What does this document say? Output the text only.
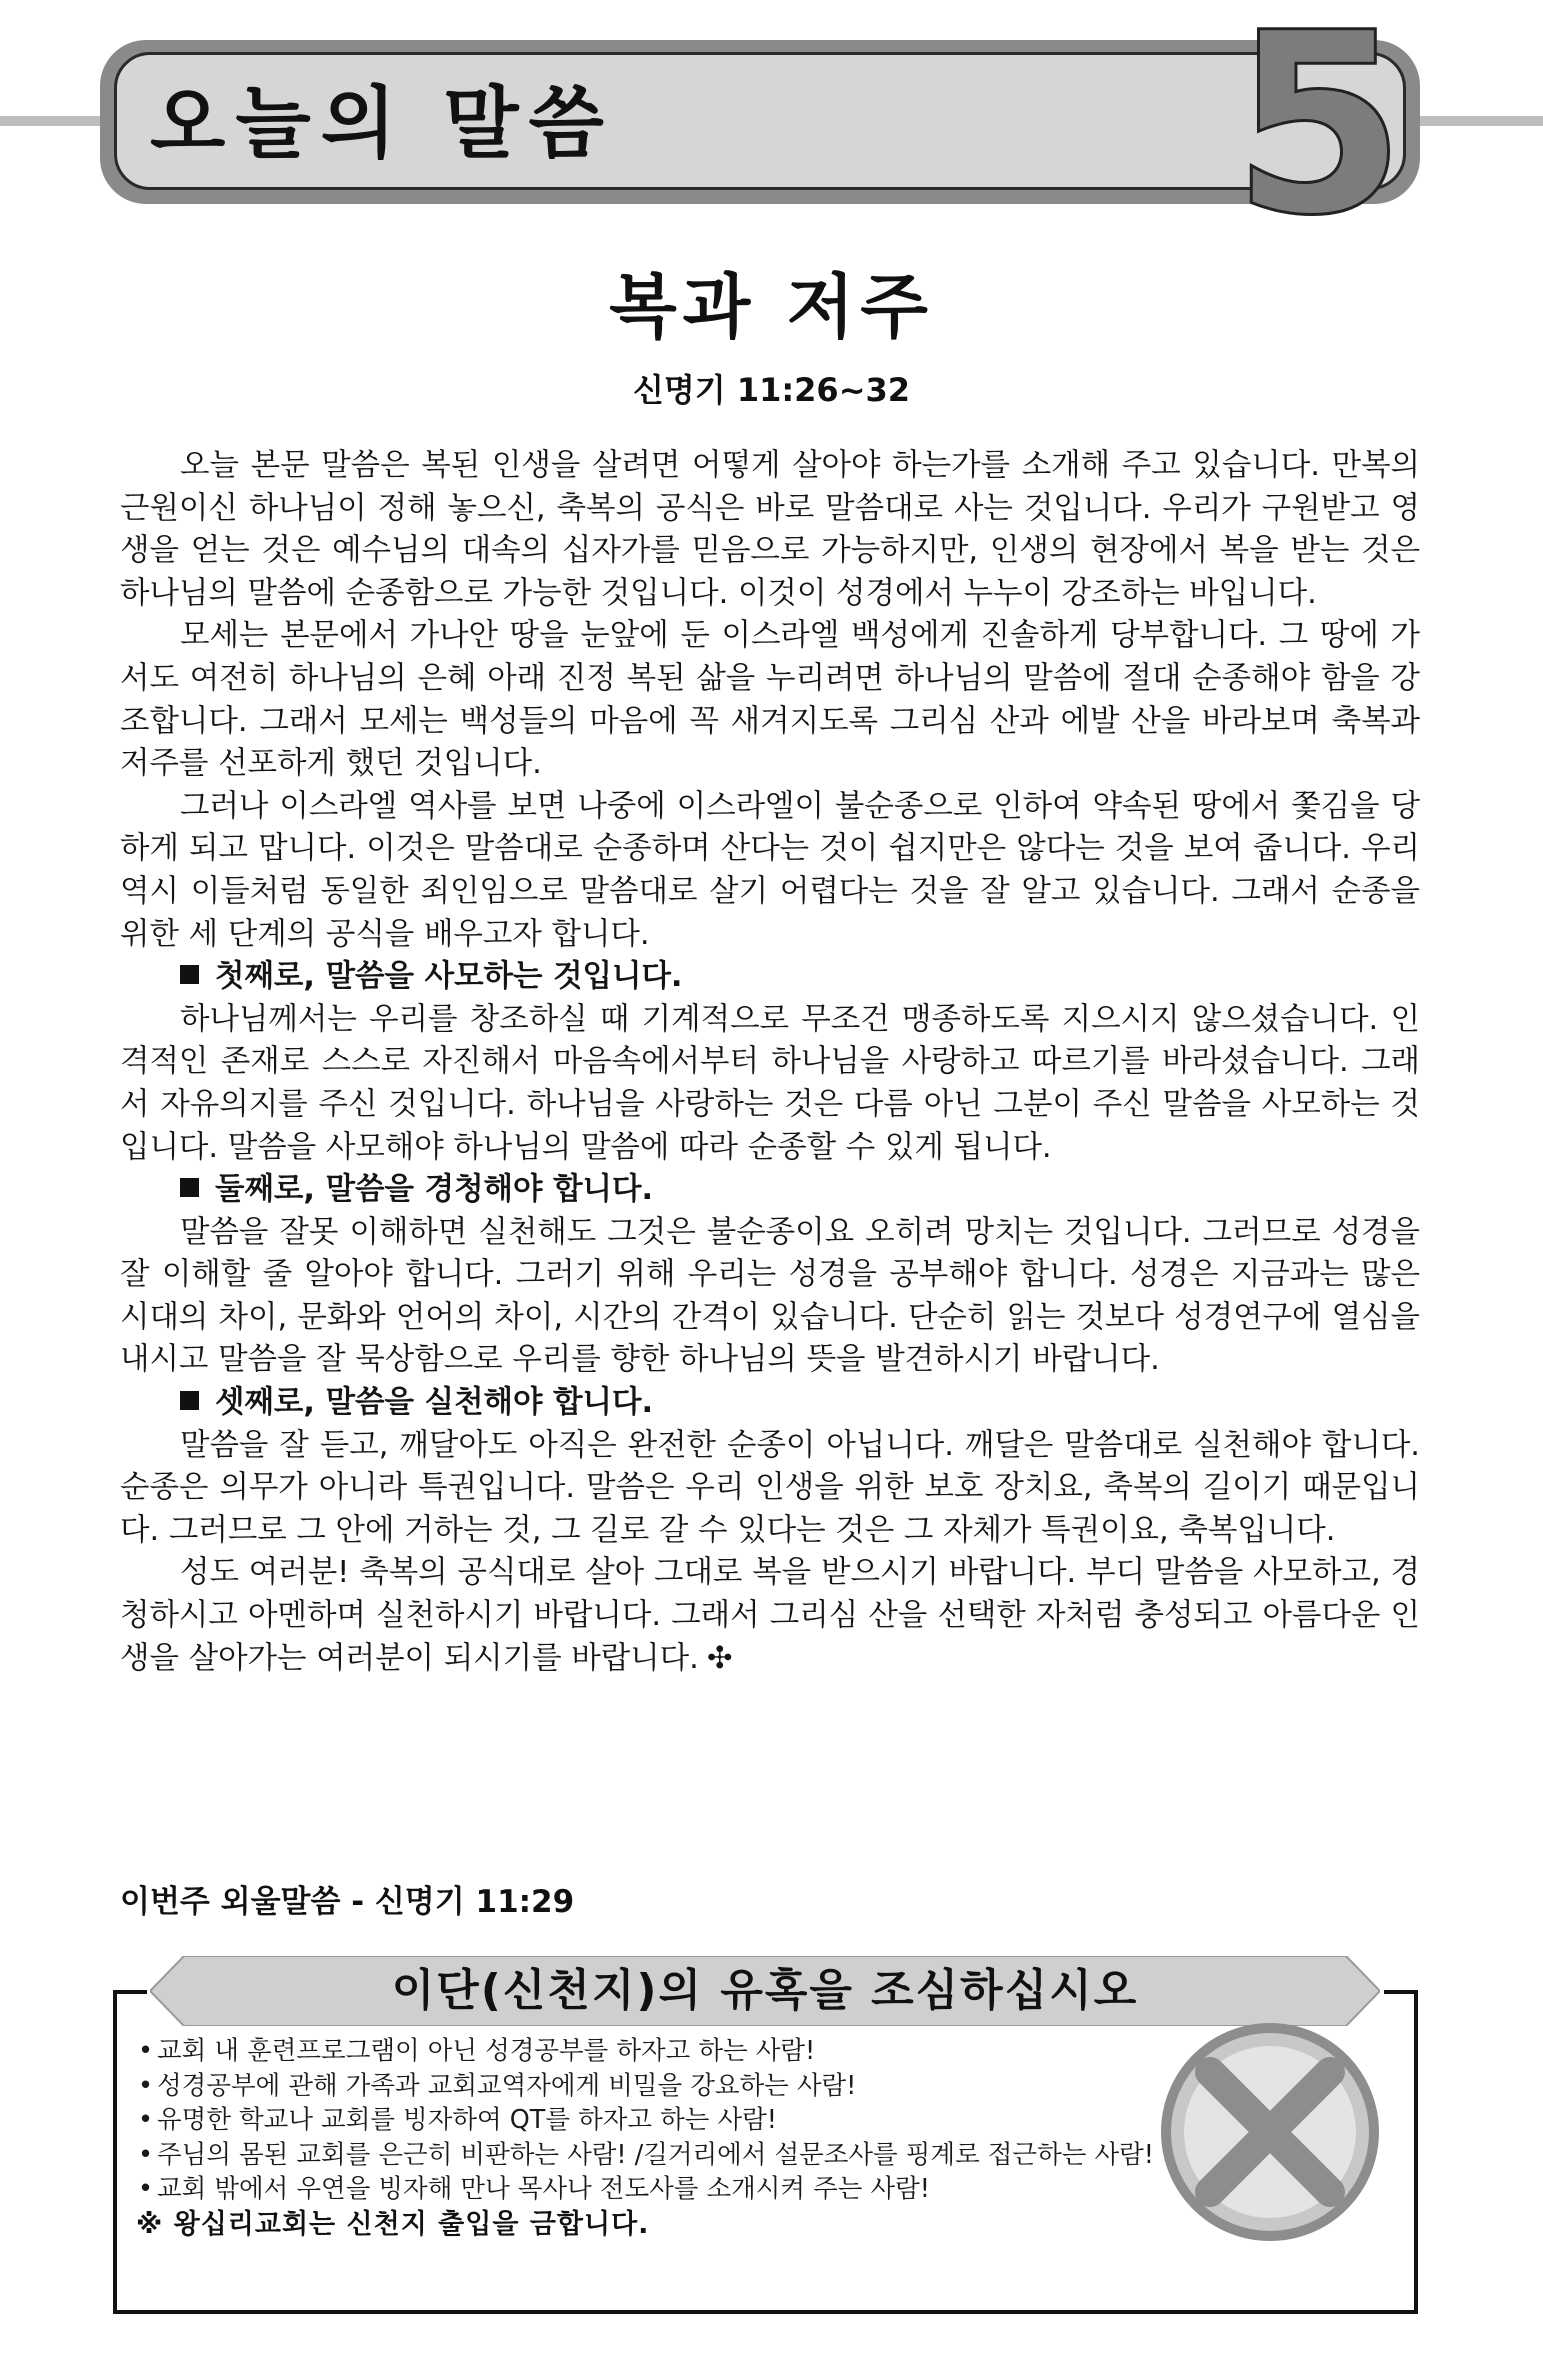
오늘의 말씀 5
복과 저주
신명기 11:26~32

오늘 본문 말씀은 복된 인생을 살려면 어떻게 살아야 하는가를 소개해 주고 있습니다. 만복의 근원이신 하나님이 정해 놓으신, 축복의 공식은 바로 말씀대로 사는 것입니다. 우리가 구원받고 영생을 얻는 것은 예수님의 대속의 십자가를 믿음으로 가능하지만, 인생의 현장에서 복을 받는 것은 하나님의 말씀에 순종함으로 가능한 것입니다. 이것이 성경에서 누누이 강조하는 바입니다.

모세는 본문에서 가나안 땅을 눈앞에 둔 이스라엘 백성에게 진솔하게 당부합니다. 그 땅에 가서도 여전히 하나님의 은혜 아래 진정 복된 삶을 누리려면 하나님의 말씀에 절대 순종해야 함을 강조합니다. 그래서 모세는 백성들의 마음에 꼭 새겨지도록 그리심 산과 에발 산을 바라보며 축복과 저주를 선포하게 했던 것입니다.

그러나 이스라엘 역사를 보면 나중에 이스라엘이 불순종으로 인하여 약속된 땅에서 쫓김을 당하게 되고 맙니다. 이것은 말씀대로 순종하며 산다는 것이 쉽지만은 않다는 것을 보여 줍니다. 우리 역시 이들처럼 동일한 죄인임으로 말씀대로 살기 어렵다는 것을 잘 알고 있습니다. 그래서 순종을 위한 세 단계의 공식을 배우고자 합니다.

첫째로, 말씀을 사모하는 것입니다.

하나님께서는 우리를 창조하실 때 기계적으로 무조건 맹종하도록 지으시지 않으셨습니다. 인격적인 존재로 스스로 자진해서 마음속에서부터 하나님을 사랑하고 따르기를 바라셨습니다. 그래서 자유의지를 주신 것입니다. 하나님을 사랑하는 것은 다름 아닌 그분이 주신 말씀을 사모하는 것입니다. 말씀을 사모해야 하나님의 말씀에 따라 순종할 수 있게 됩니다.

둘째로, 말씀을 경청해야 합니다.

말씀을 잘못 이해하면 실천해도 그것은 불순종이요 오히려 망치는 것입니다. 그러므로 성경을 잘 이해할 줄 알아야 합니다. 그러기 위해 우리는 성경을 공부해야 합니다. 성경은 지금과는 많은 시대의 차이, 문화와 언어의 차이, 시간의 간격이 있습니다. 단순히 읽는 것보다 성경연구에 열심을 내시고 말씀을 잘 묵상함으로 우리를 향한 하나님의 뜻을 발견하시기 바랍니다.

셋째로, 말씀을 실천해야 합니다.

말씀을 잘 듣고, 깨달아도 아직은 완전한 순종이 아닙니다. 깨달은 말씀대로 실천해야 합니다. 순종은 의무가 아니라 특권입니다. 말씀은 우리 인생을 위한 보호 장치요, 축복의 길이기 때문입니다. 그러므로 그 안에 거하는 것, 그 길로 갈 수 있다는 것은 그 자체가 특권이요, 축복입니다.

성도 여러분! 축복의 공식대로 살아 그대로 복을 받으시기 바랍니다. 부디 말씀을 사모하고, 경청하시고 아멘하며 실천하시기 바랍니다. 그래서 그리심 산을 선택한 자처럼 충성되고 아름다운 인생을 살아가는 여러분이 되시기를 바랍니다. ✣

이번주 외울말씀 - 신명기 11:29
이단(신천지)의 유혹을 조심하십시오
• 교회 내 훈련프로그램이 아닌 성경공부를 하자고 하는 사람!
• 성경공부에 관해 가족과 교회교역자에게 비밀을 강요하는 사람!
• 유명한 학교나 교회를 빙자하여 QT를 하자고 하는 사람!
• 주님의 몸된 교회를 은근히 비판하는 사람! /길거리에서 설문조사를 핑계로 접근하는 사람!
• 교회 밖에서 우연을 빙자해 만나 목사나 전도사를 소개시켜 주는 사람!
※ 왕십리교회는 신천지 출입을 금합니다.
